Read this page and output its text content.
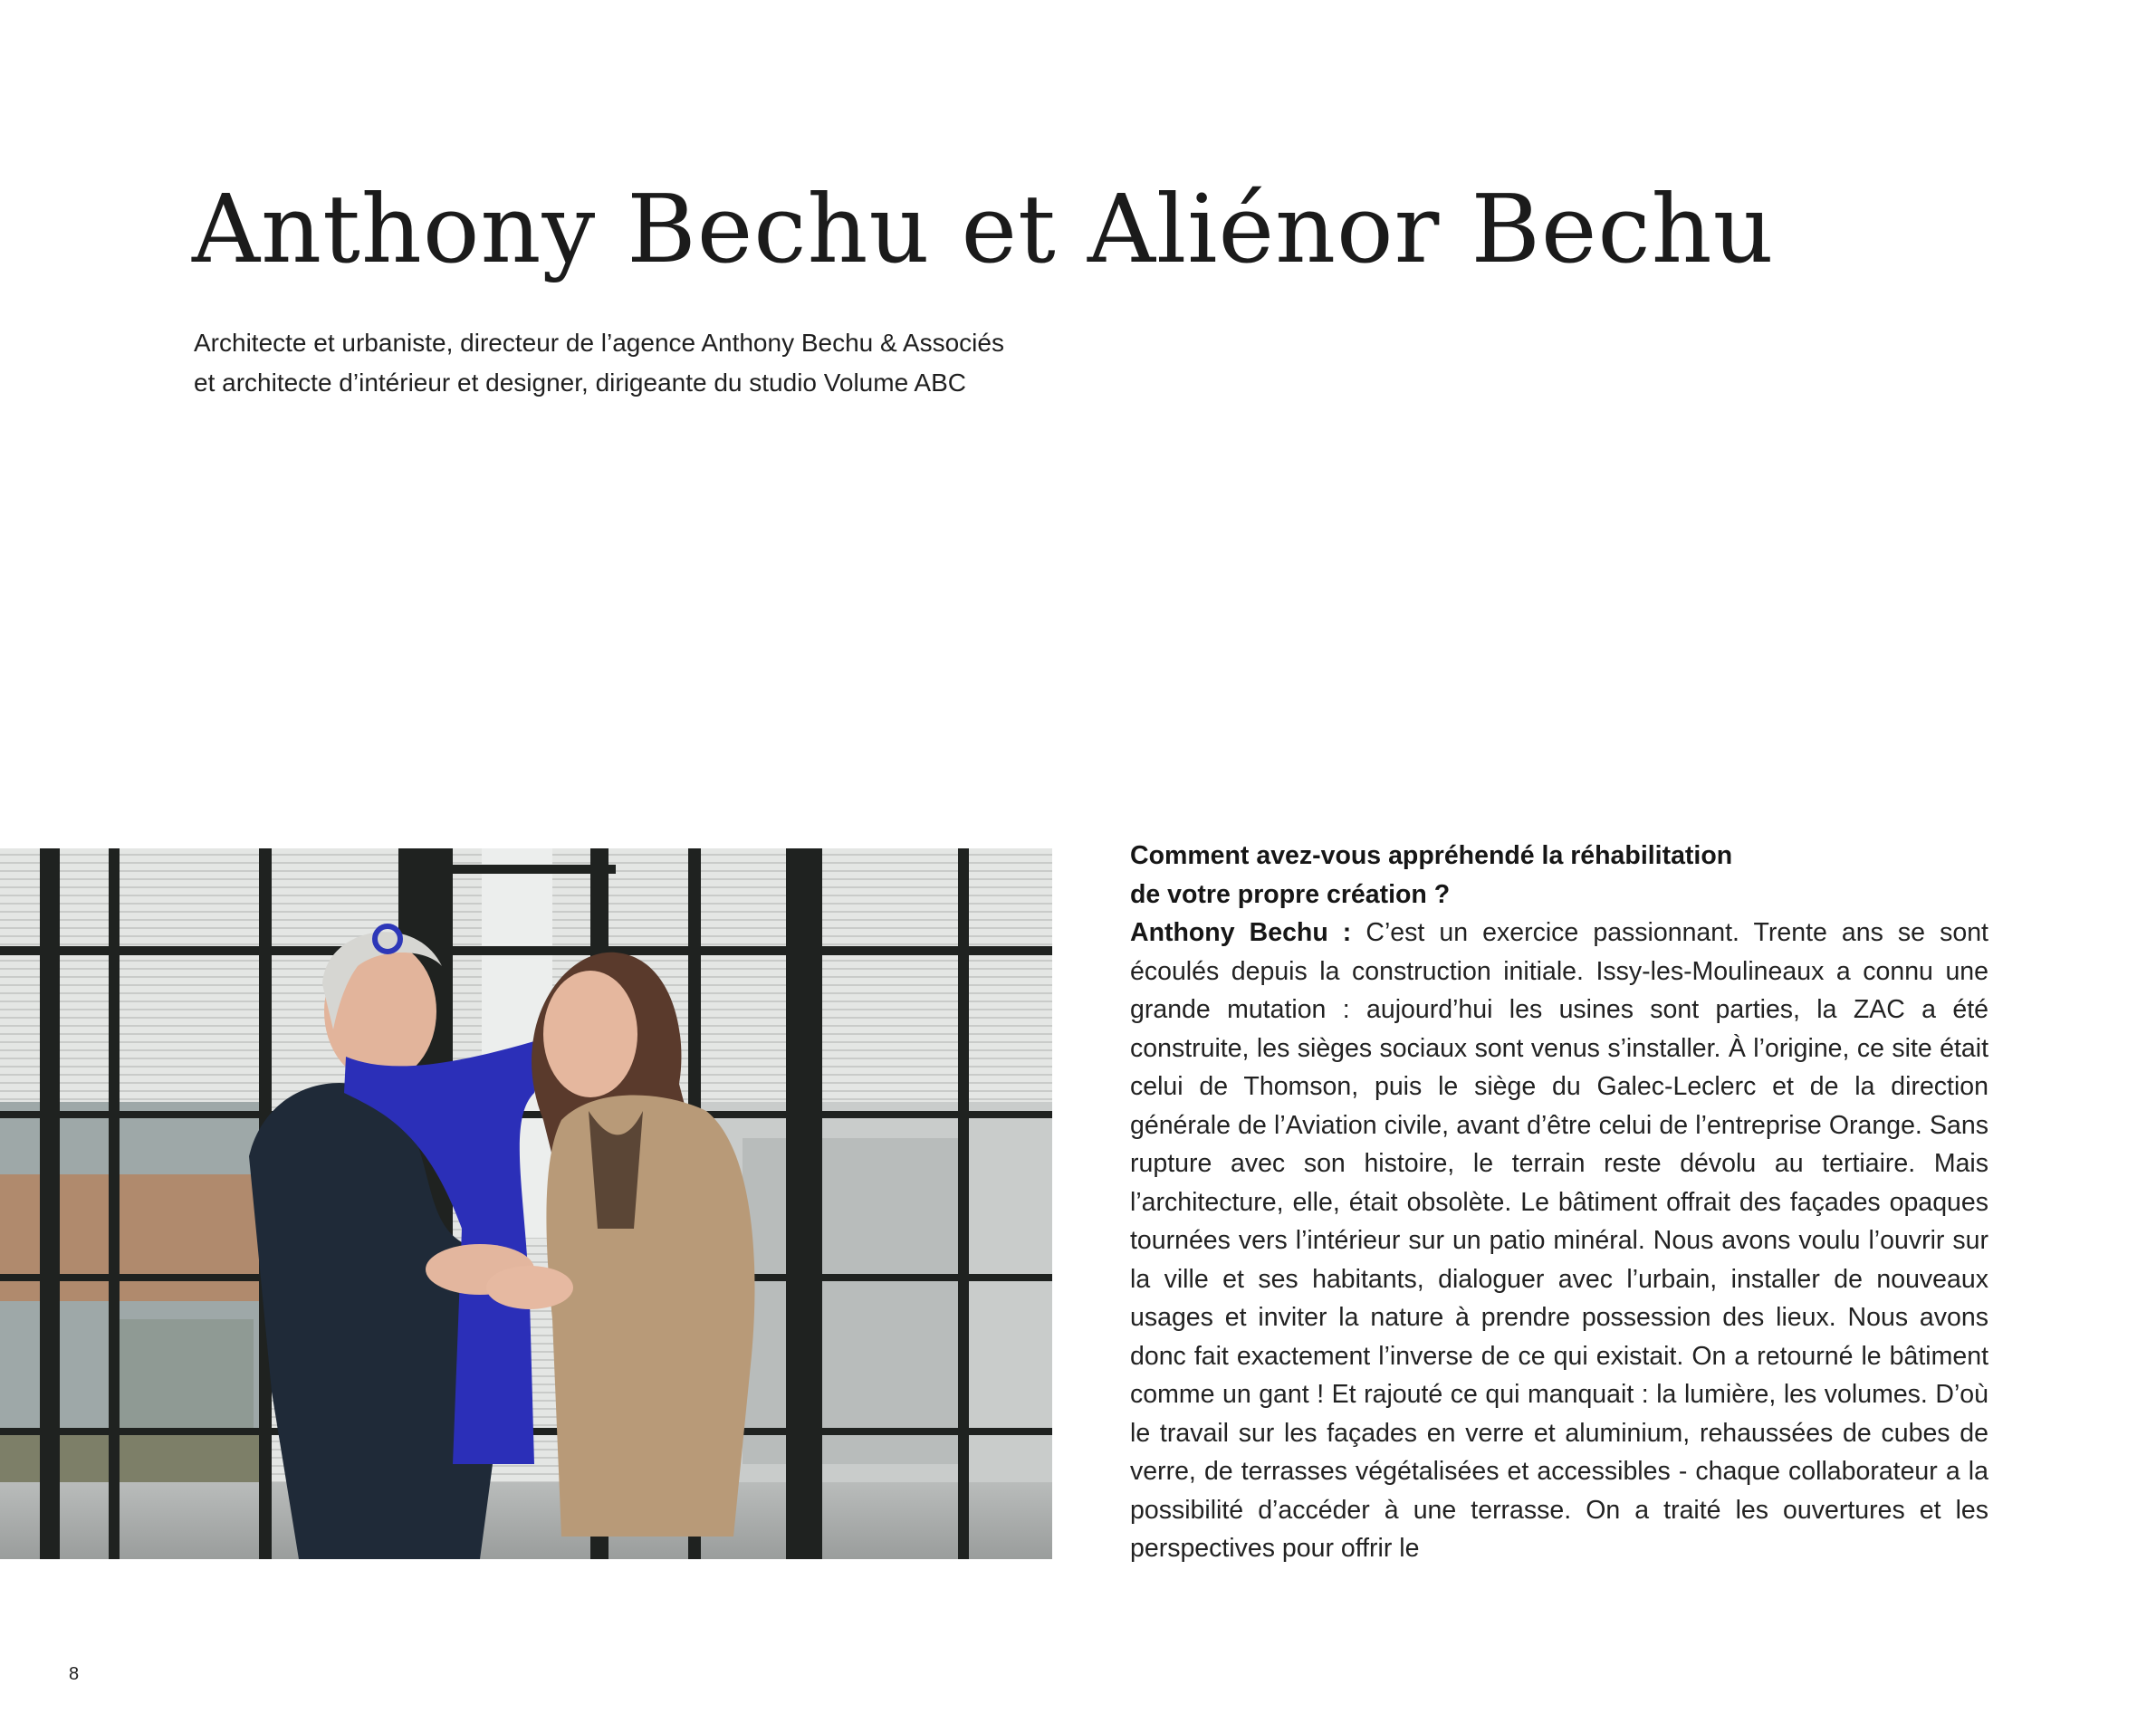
Anthony Bechu et Aliénor Bechu
Architecte et urbaniste, directeur de l’agence Anthony Bechu & Associés
et architecte d’intérieur et designer, dirigeante du studio Volume ABC
Comment avez-vous appréhendé la réhabilitation
de votre propre création ?

Anthony Bechu : C’est un exercice passionnant. Trente ans se sont écoulés depuis la construction initiale. Issy-les-Moulineaux a connu une grande mutation : aujourd’hui les usines sont parties, la ZAC a été construite, les sièges sociaux sont venus s’installer. À l’origine, ce site était celui de Thomson, puis le siège du Galec-Leclerc et de la direction générale de l’Aviation civile, avant d’être celui de l’entreprise Orange. Sans rupture avec son histoire, le terrain reste dévolu au tertiaire. Mais l’architecture, elle, était obsolète. Le bâtiment offrait des façades opaques tournées vers l’intérieur sur un patio minéral. Nous avons voulu l’ouvrir sur la ville et ses habitants, dialoguer avec l’urbain, installer de nouveaux usages et inviter la nature à prendre possession des lieux. Nous avons donc fait exactement l’inverse de ce qui existait. On a retourné le bâtiment comme un gant ! Et rajouté ce qui manquait : la lumière, les volumes. D’où le travail sur les façades en verre et aluminium, rehaussées de cubes de verre, de terrasses végétalisées et accessibles - chaque collaborateur a la possibilité d’accéder à une terrasse. On a traité les ouvertures et les perspectives pour offrir le

8
